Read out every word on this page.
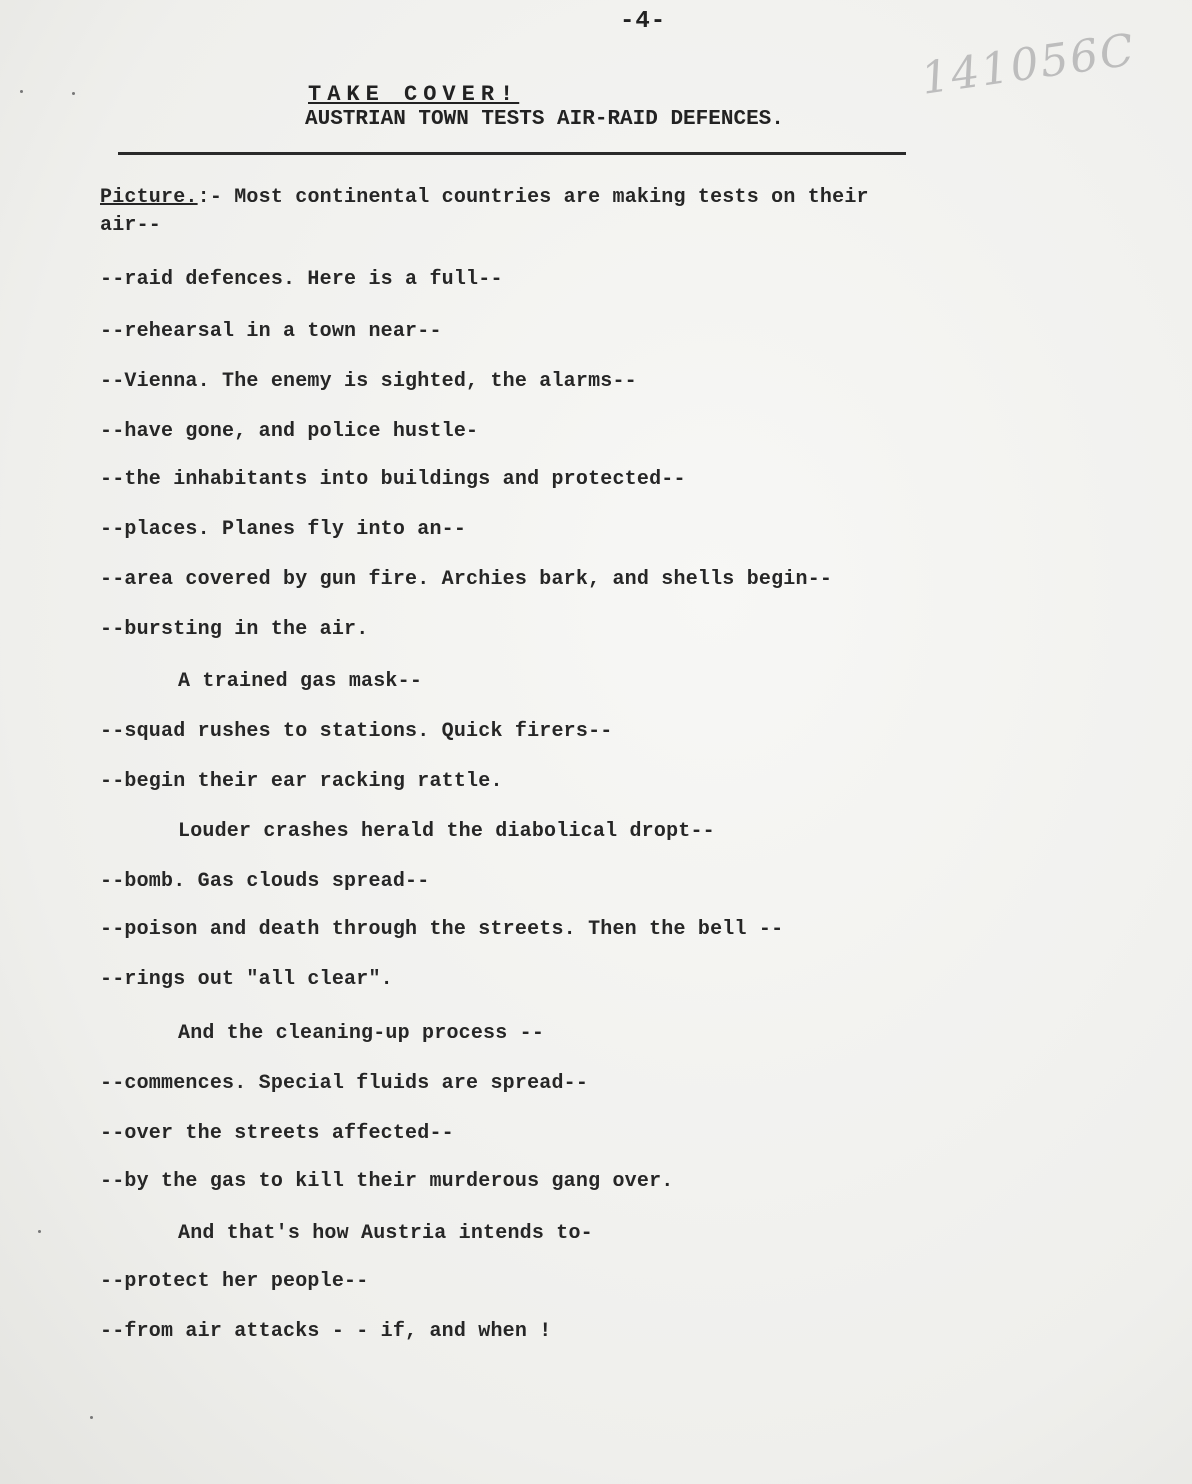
-4-
141056C
TAKE COVER!
AUSTRIAN TOWN TESTS AIR-RAID DEFENCES.
Picture.:- Most continental countries are making tests on their
air--
--raid defences. Here is a full--
--rehearsal in a town near--
--Vienna. The enemy is sighted, the alarms--
--have gone, and police hustle-
--the inhabitants into buildings and protected--
--places. Planes fly into an--
--area covered by gun fire. Archies bark, and shells begin--
--bursting in the air.
A trained gas mask--
--squad rushes to stations. Quick firers--
--begin their ear racking rattle.
Louder crashes herald the diabolical dropt--
--bomb. Gas clouds spread--
--poison and death through the streets. Then the bell --
--rings out "all clear".
And the cleaning-up process --
--commences. Special fluids are spread--
--over the streets affected--
--by the gas to kill their murderous gang over.
And that's how Austria intends to-
--protect her people--
--from air attacks - - if, and when !
